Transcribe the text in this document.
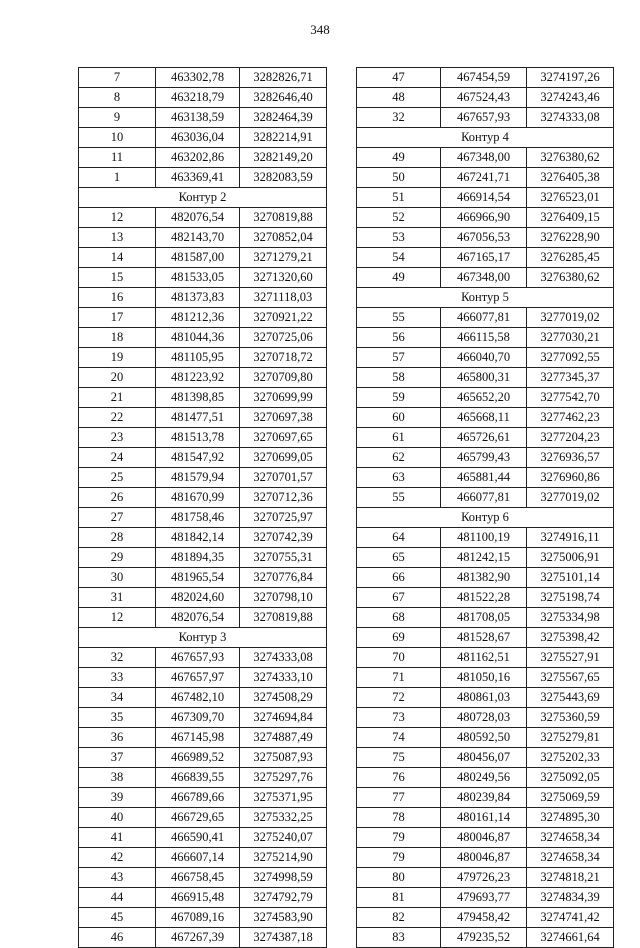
348
7	463302,78	3282826,71
8	463218,79	3282646,40
9	463138,59	3282464,39
10	463036,04	3282214,91
11	463202,86	3282149,20
1	463369,41	3282083,59
Контур 2		
12	482076,54	3270819,88
13	482143,70	3270852,04
14	481587,00	3271279,21
15	481533,05	3271320,60
16	481373,83	3271118,03
17	481212,36	3270921,22
18	481044,36	3270725,06
19	481105,95	3270718,72
20	481223,92	3270709,80
21	481398,85	3270699,99
22	481477,51	3270697,38
23	481513,78	3270697,65
24	481547,92	3270699,05
25	481579,94	3270701,57
26	481670,99	3270712,36
27	481758,46	3270725,97
28	481842,14	3270742,39
29	481894,35	3270755,31
30	481965,54	3270776,84
31	482024,60	3270798,10
12	482076,54	3270819,88
Контур 3		
32	467657,93	3274333,08
33	467657,97	3274333,10
34	467482,10	3274508,29
35	467309,70	3274694,84
36	467145,98	3274887,49
37	466989,52	3275087,93
38	466839,55	3275297,76
39	466789,66	3275371,95
40	466729,65	3275332,25
41	466590,41	3275240,07
42	466607,14	3275214,90
43	466758,45	3274998,59
44	466915,48	3274792,79
45	467089,16	3274583,90
46	467267,39	3274387,18
47	467454,59	3274197,26
48	467524,43	3274243,46
32	467657,93	3274333,08
Контур 4		
49	467348,00	3276380,62
50	467241,71	3276405,38
51	466914,54	3276523,01
52	466966,90	3276409,15
53	467056,53	3276228,90
54	467165,17	3276285,45
49	467348,00	3276380,62
Контур 5		
55	466077,81	3277019,02
56	466115,58	3277030,21
57	466040,70	3277092,55
58	465800,31	3277345,37
59	465652,20	3277542,70
60	465668,11	3277462,23
61	465726,61	3277204,23
62	465799,43	3276936,57
63	465881,44	3276960,86
55	466077,81	3277019,02
Контур 6		
64	481100,19	3274916,11
65	481242,15	3275006,91
66	481382,90	3275101,14
67	481522,28	3275198,74
68	481708,05	3275334,98
69	481528,67	3275398,42
70	481162,51	3275527,91
71	481050,16	3275567,65
72	480861,03	3275443,69
73	480728,03	3275360,59
74	480592,50	3275279,81
75	480456,07	3275202,33
76	480249,56	3275092,05
77	480239,84	3275069,59
78	480161,14	3274895,30
79	480046,87	3274658,34
79	480046,87	3274658,34
80	479726,23	3274818,21
81	479693,77	3274834,39
82	479458,42	3274741,42
83	479235,52	3274661,64
